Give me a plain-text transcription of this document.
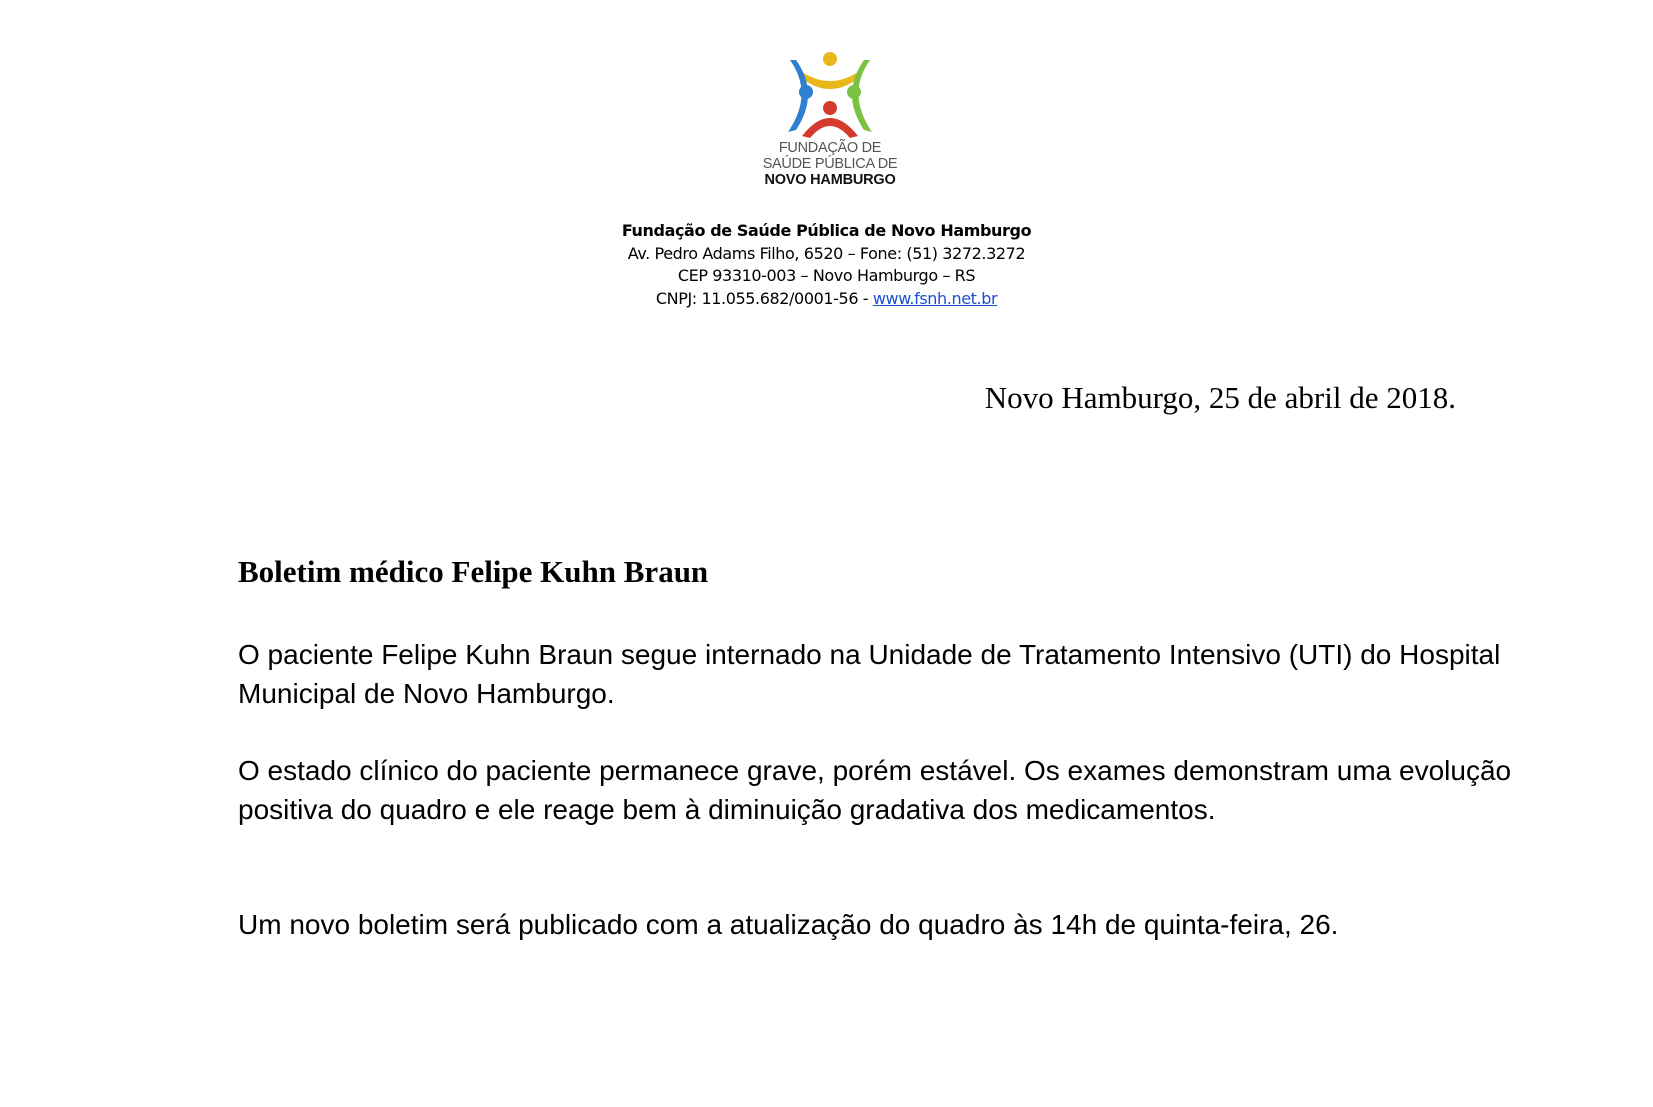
FUNDAÇÃO DE
SAÚDE PÚBLICA DE
NOVO HAMBURGO
Fundação de Saúde Pública de Novo Hamburgo
Av. Pedro Adams Filho, 6520 – Fone: (51) 3272.3272
CEP 93310-003 – Novo Hamburgo – RS
CNPJ: 11.055.682/0001-56 - www.fsnh.net.br
Novo Hamburgo, 25 de abril de 2018.
Boletim médico Felipe Kuhn Braun

O paciente Felipe Kuhn Braun segue internado na Unidade de Tratamento Intensivo (UTI) do Hospital Municipal de Novo Hamburgo.

O estado clínico do paciente permanece grave, porém estável. Os exames demonstram uma evolução positiva do quadro e ele reage bem à diminuição gradativa dos medicamentos.

Um novo boletim será publicado com a atualização do quadro às 14h de quinta-feira, 26.
